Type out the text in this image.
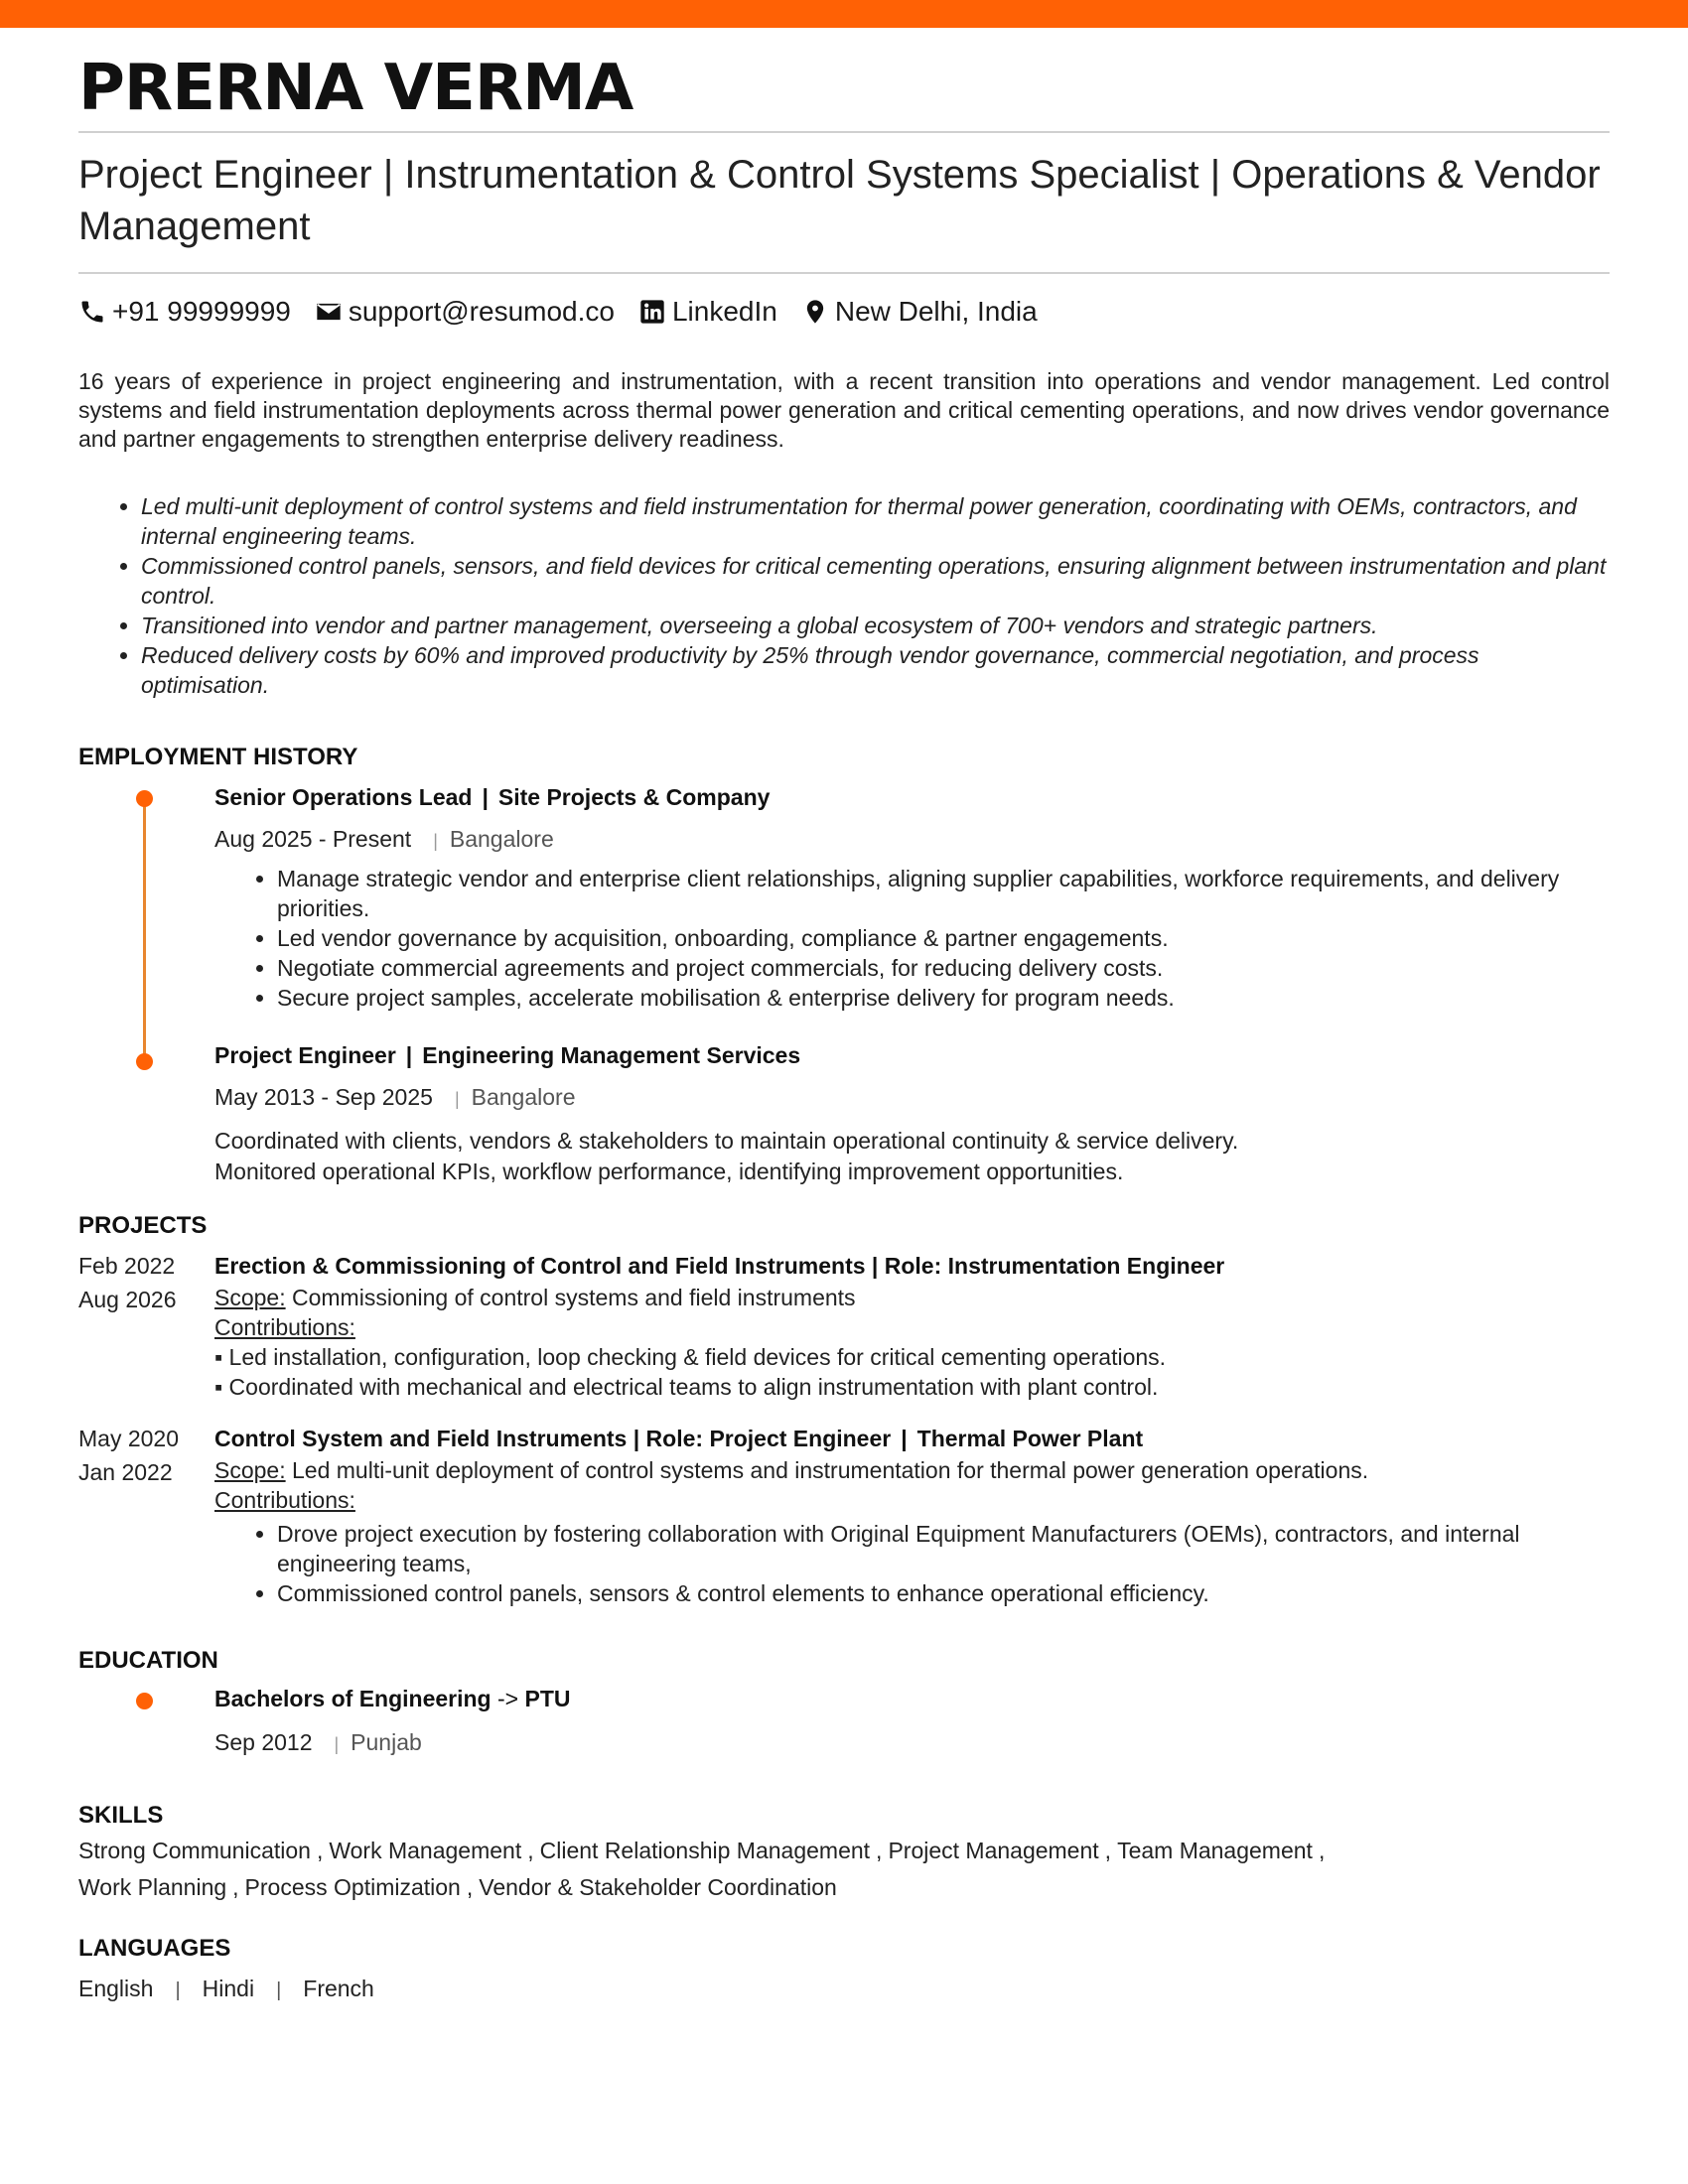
PRERNA VERMA
Project Engineer | Instrumentation & Control Systems Specialist | Operations & Vendor Management
+91 99999999 support@resumod.co LinkedIn New Delhi, India
16 years of experience in project engineering and instrumentation, with a recent transition into operations and vendor management. Led control systems and field instrumentation deployments across thermal power generation and critical cementing operations, and now drives vendor governance and partner engagements to strengthen enterprise delivery readiness.
• Led multi-unit deployment of control systems and field instrumentation for thermal power generation, coordinating with OEMs, contractors, and internal engineering teams.
• Commissioned control panels, sensors, and field devices for critical cementing operations, ensuring alignment between instrumentation and plant control.
• Transitioned into vendor and partner management, overseeing a global ecosystem of 700+ vendors and strategic partners.
• Reduced delivery costs by 60% and improved productivity by 25% through vendor governance, commercial negotiation, and process optimisation.
EMPLOYMENT HISTORY
Senior Operations Lead | Site Projects & Company
Aug 2025 - Present | Bangalore
• Manage strategic vendor and enterprise client relationships, aligning supplier capabilities, workforce requirements, and delivery priorities.
• Led vendor governance by acquisition, onboarding, compliance & partner engagements.
• Negotiate commercial agreements and project commercials, for reducing delivery costs.
• Secure project samples, accelerate mobilisation & enterprise delivery for program needs.
Project Engineer | Engineering Management Services
May 2013 - Sep 2025 | Bangalore
Coordinated with clients, vendors & stakeholders to maintain operational continuity & service delivery.
Monitored operational KPIs, workflow performance, identifying improvement opportunities.
PROJECTS
Feb 2022
Aug 2026
Erection & Commissioning of Control and Field Instruments | Role: Instrumentation Engineer
Scope: Commissioning of control systems and field instruments
Contributions:
▪ Led installation, configuration, loop checking & field devices for critical cementing operations.
▪ Coordinated with mechanical and electrical teams to align instrumentation with plant control.
May 2020
Jan 2022
Control System and Field Instruments | Role: Project Engineer | Thermal Power Plant
Scope: Led multi-unit deployment of control systems and instrumentation for thermal power generation operations.
Contributions:
• Drove project execution by fostering collaboration with Original Equipment Manufacturers (OEMs), contractors, and internal engineering teams,
• Commissioned control panels, sensors & control elements to enhance operational efficiency.
EDUCATION
Bachelors of Engineering -> PTU
Sep 2012 | Punjab
SKILLS
Strong Communication , Work Management , Client Relationship Management , Project Management , Team Management ,
Work Planning , Process Optimization , Vendor & Stakeholder Coordination
LANGUAGES
English | Hindi | French
